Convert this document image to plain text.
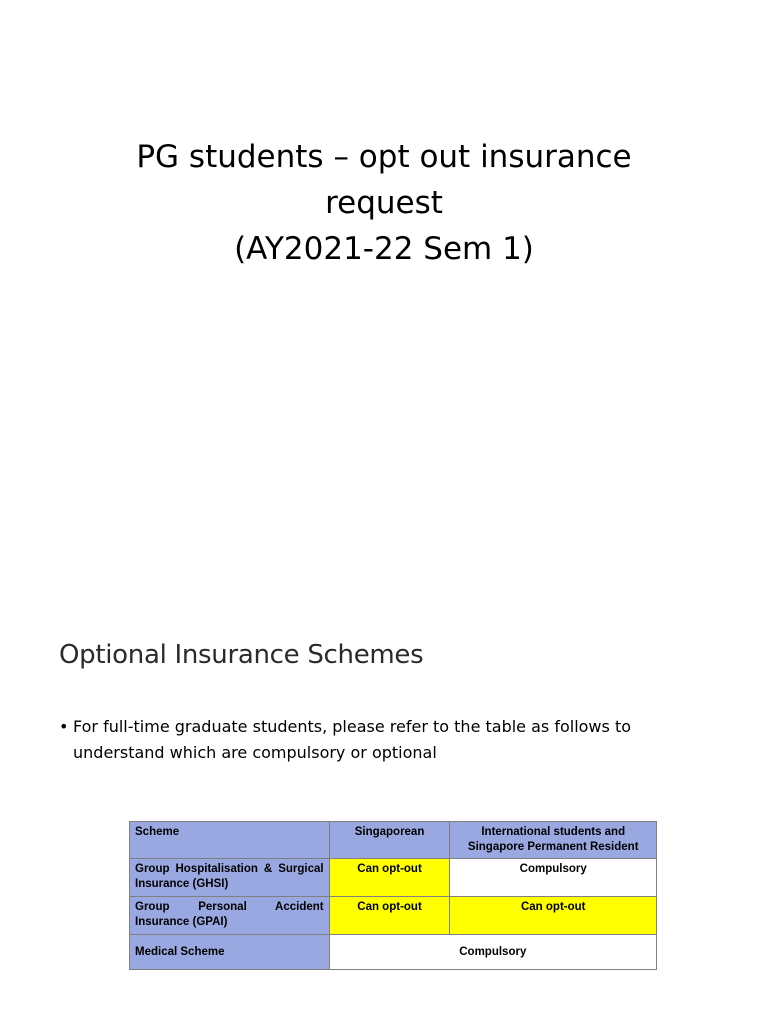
PG students – opt out insurance
request
(AY2021-22 Sem 1)
Optional Insurance Schemes
• For full-time graduate students, please refer to the table as follows to understand which are compulsory or optional
Scheme	Singaporean	International students and Singapore Permanent Resident
Group Hospitalisation & Surgical Insurance (GHSI)	Can opt-out	Compulsory
Group Personal Accident Insurance (GPAI)	Can opt-out	Can opt-out
Medical Scheme	Compulsory	
